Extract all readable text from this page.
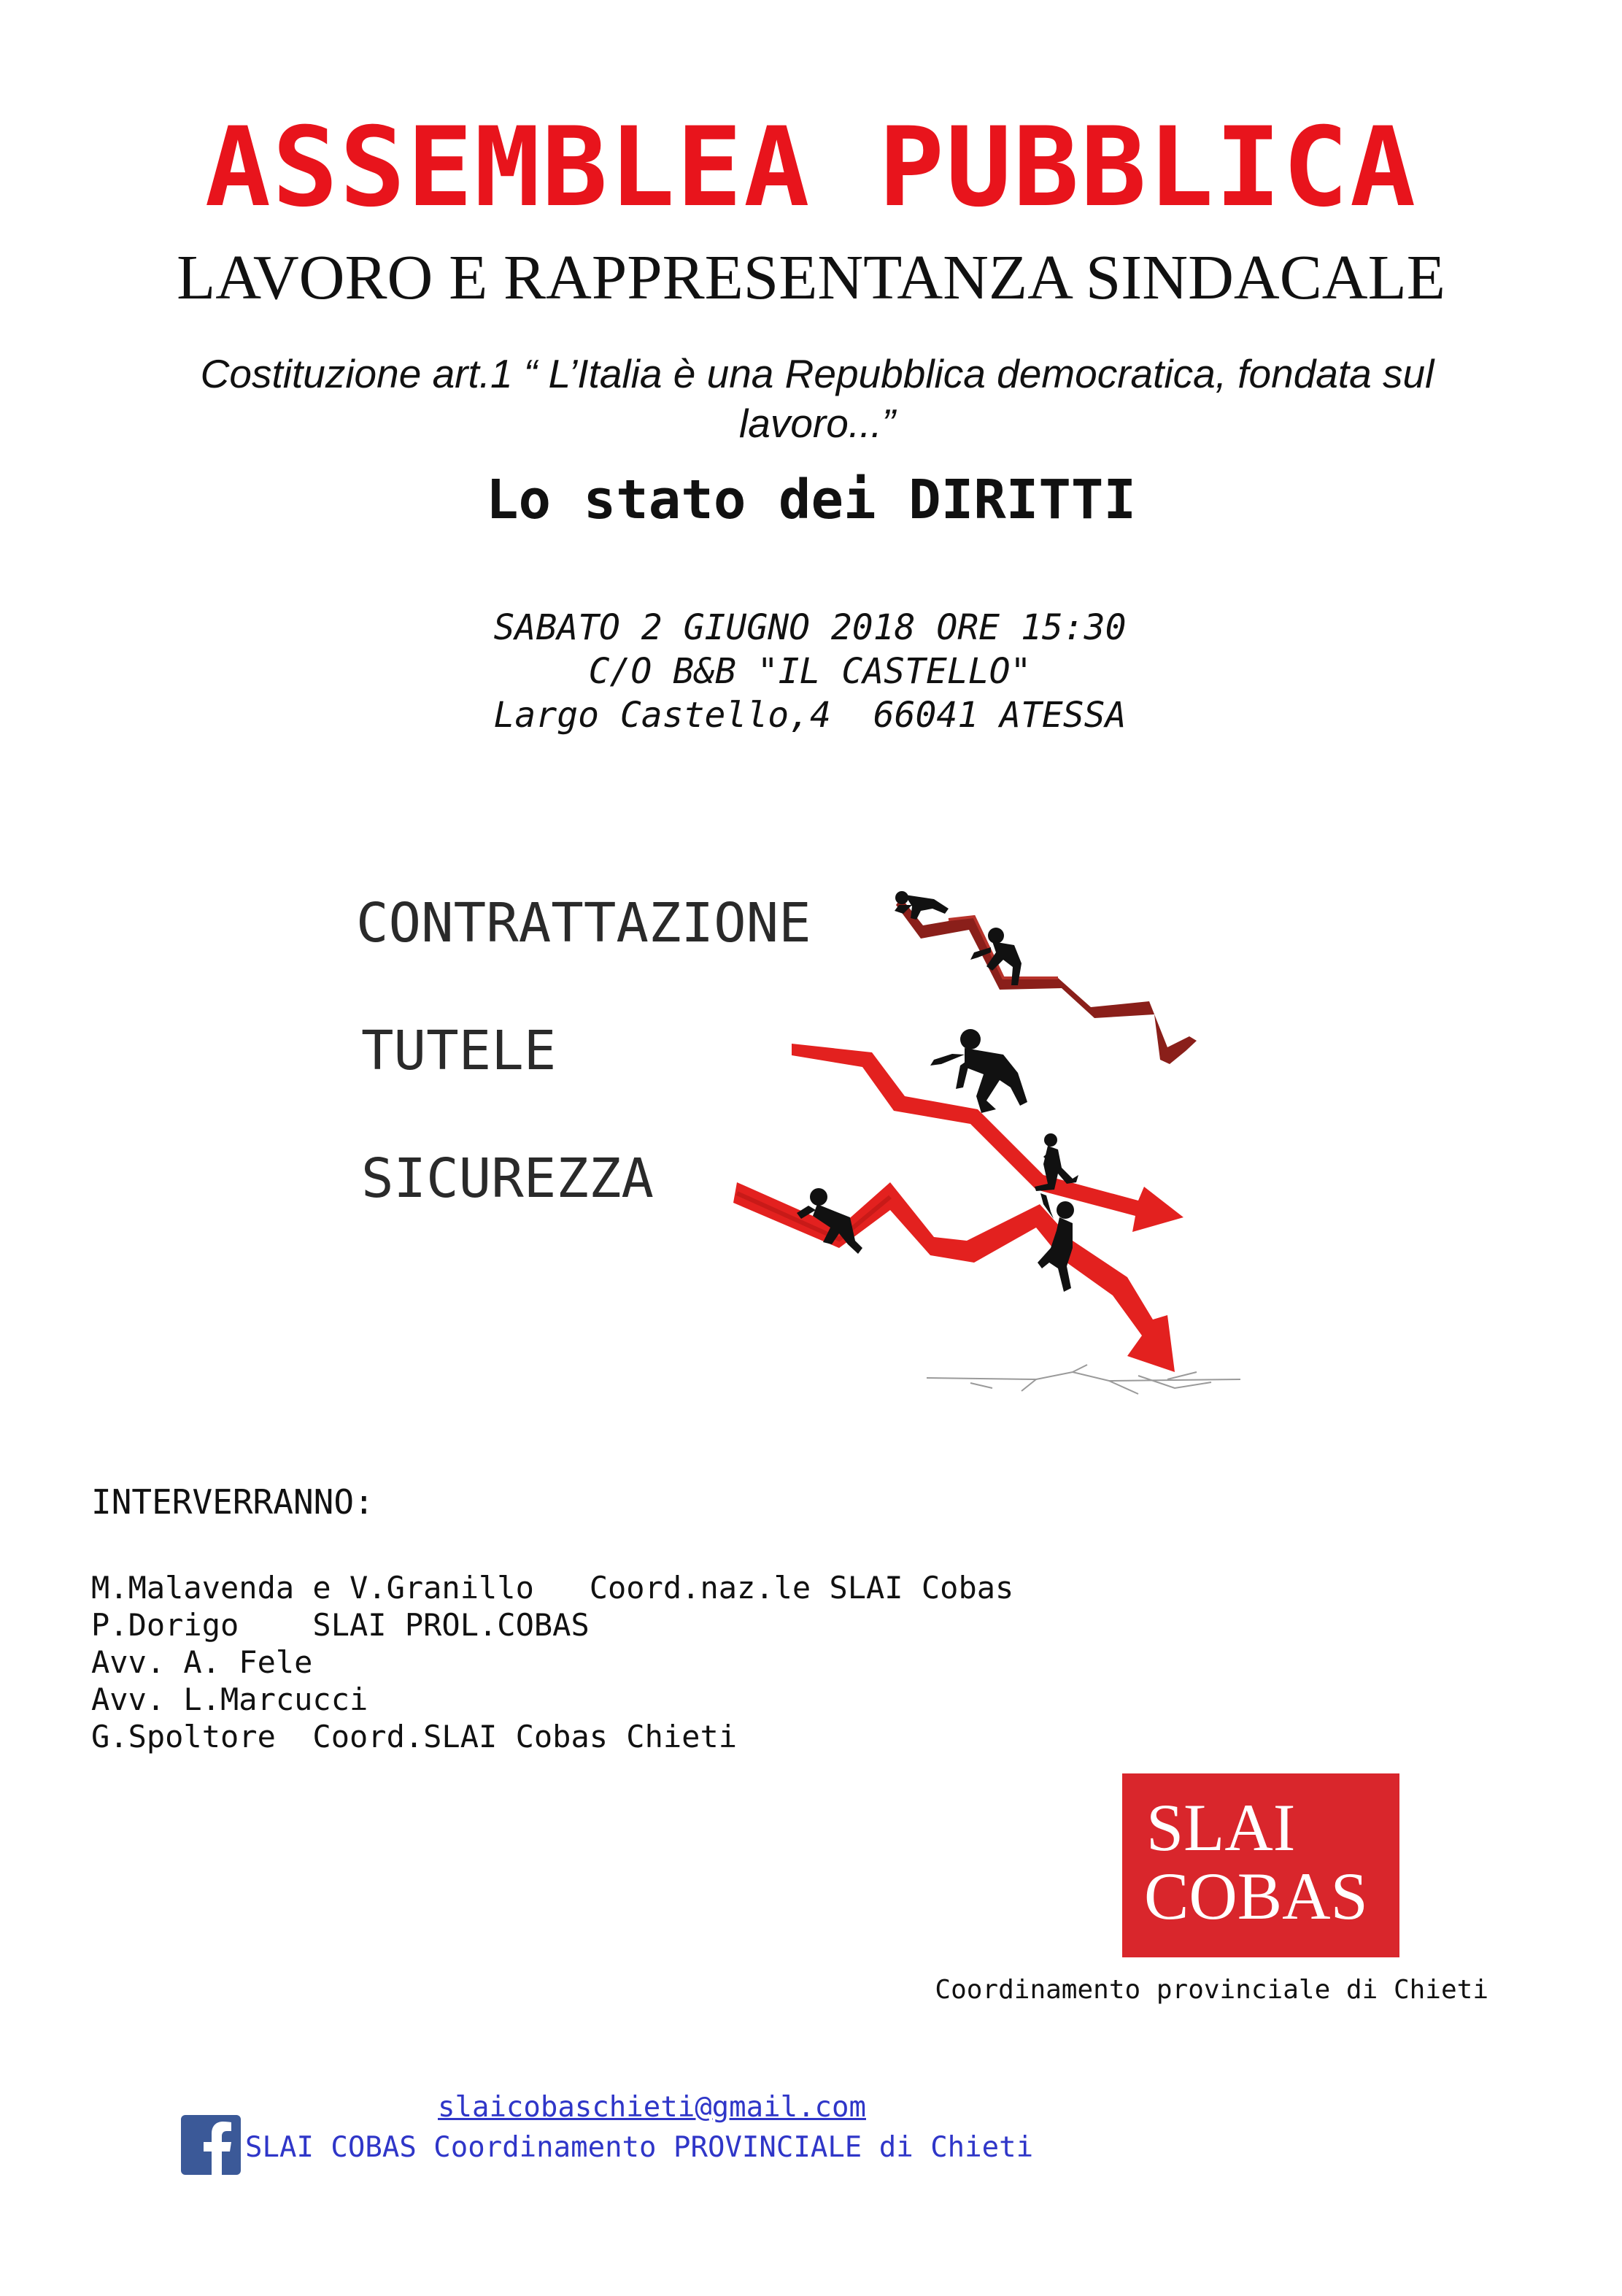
ASSEMBLEA PUBBLICA
LAVORO E RAPPRESENTANZA SINDACALE
Costituzione art.1 “ L’Italia è una Repubblica democratica, fondata sul
lavoro...”
Lo stato dei DIRITTI
SABATO 2 GIUGNO 2018 ORE 15:30
C/O B&B "IL CASTELLO"
Largo Castello,4  66041 ATESSA
CONTRATTAZIONE
TUTELE
SICUREZZA
INTERVERRANNO:
M.Malavenda e V.Granillo   Coord.naz.le SLAI Cobas
P.Dorigo    SLAI PROL.COBAS
Avv. A. Fele
Avv. L.Marcucci
G.Spoltore  Coord.SLAI Cobas Chieti
SLAI
COBAS
Coordinamento provinciale di Chieti
slaicobaschieti@gmail.com
SLAI COBAS Coordinamento PROVINCIALE di Chieti
